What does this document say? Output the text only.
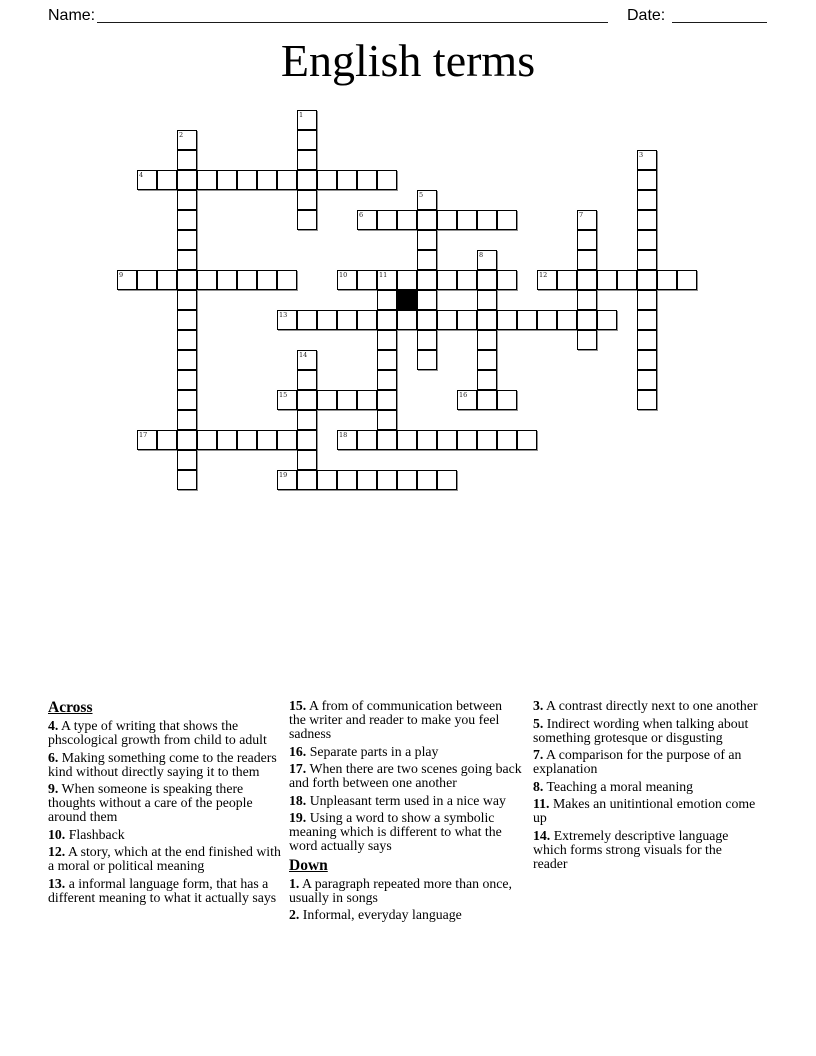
Name:	Date:
English terms
1
2
3
4
5
6	7
8
9	10	11	12
13
14
15	16
17	18
19
Across

4. A type of writing that shows the phscological growth from child to adult

6. Making something come to the readers kind without directly saying it to them

9. When someone is speaking there thoughts without a care of the people around them

10. Flashback

12. A story, which at the end finished with a moral or political meaning

13. a informal language form, that has a different meaning to what it actually says

15. A from of communication between the writer and reader to make you feel sadness

16. Separate parts in a play

17. When there are two scenes going back and forth between one another

18. Unpleasant term used in a nice way

19. Using a word to show a symbolic meaning which is different to what the word actually says

Down

1. A paragraph repeated more than once, usually in songs

2. Informal, everyday language

3. A contrast directly next to one another

5. Indirect wording when talking about something grotesque or disgusting

7. A comparison for the purpose of an explanation

8. Teaching a moral meaning

11. Makes an unitintional emotion come up

14. Extremely descriptive language which forms strong visuals for the reader
